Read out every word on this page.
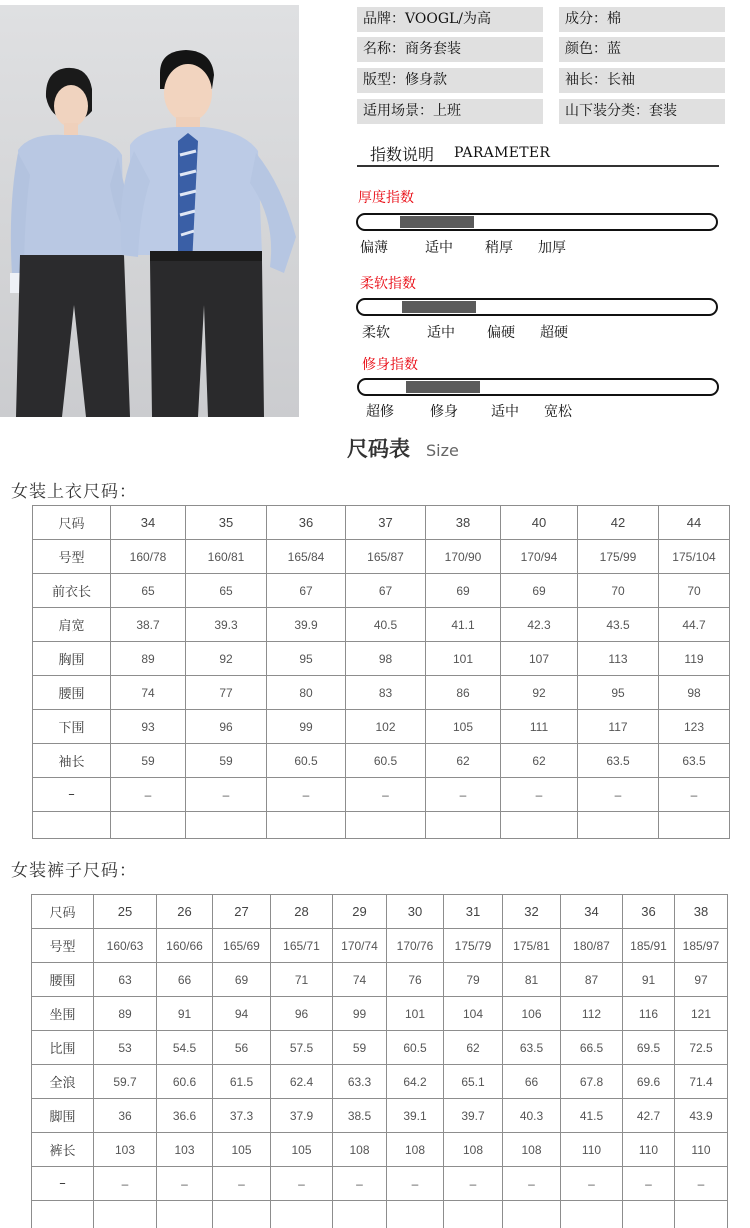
品牌：VOOGL/为高	成分：棉
名称：商务套装	颜色：蓝
版型：修身款	袖长：长袖
适用场景：上班	山下装分类：套装
指数说明 PARAMETER
厚度指数
偏薄	适中 稍厚 加厚
柔软指数
柔软	适中 偏硬 超硬
修身指数
超修	修身 适中 宽松
尺码表 Size
女装上衣尺码：
尺码	34	35	36	37	38	40	42	44
号型	160/78	160/81	165/84	165/87	170/90	170/94	175/99	175/104
前衣长	65	65	67	67	69	69	70	70
肩宽	38.7	39.3	39.9	40.5	41.1	42.3	43.5	44.7
胸围	89	92	95	98	101	107	113	119
腰围	74	77	80	83	86	92	95	98
下围	93	96	99	102	105	111	117	123
袖长	59	59	60.5	60.5	62	62	63.5	63.5
–	–	–	–	–	–	–	–	–

女装裤子尺码：
尺码	25	26	27	28	29	30	31	32	34	36	38
号型	160/63	160/66	165/69	165/71	170/74	170/76	175/79	175/81	180/87	185/91	185/97
腰围	63	66	69	71	74	76	79	81	87	91	97
坐围	89	91	94	96	99	101	104	106	112	116	121
比围	53	54.5	56	57.5	59	60.5	62	63.5	66.5	69.5	72.5
全浪	59.7	60.6	61.5	62.4	63.3	64.2	65.1	66	67.8	69.6	71.4
脚围	36	36.6	37.3	37.9	38.5	39.1	39.7	40.3	41.5	42.7	43.9
裤长	103	103	105	105	108	108	108	108	110	110	110
–	–	–	–	–	–	–	–	–	–	–	–
